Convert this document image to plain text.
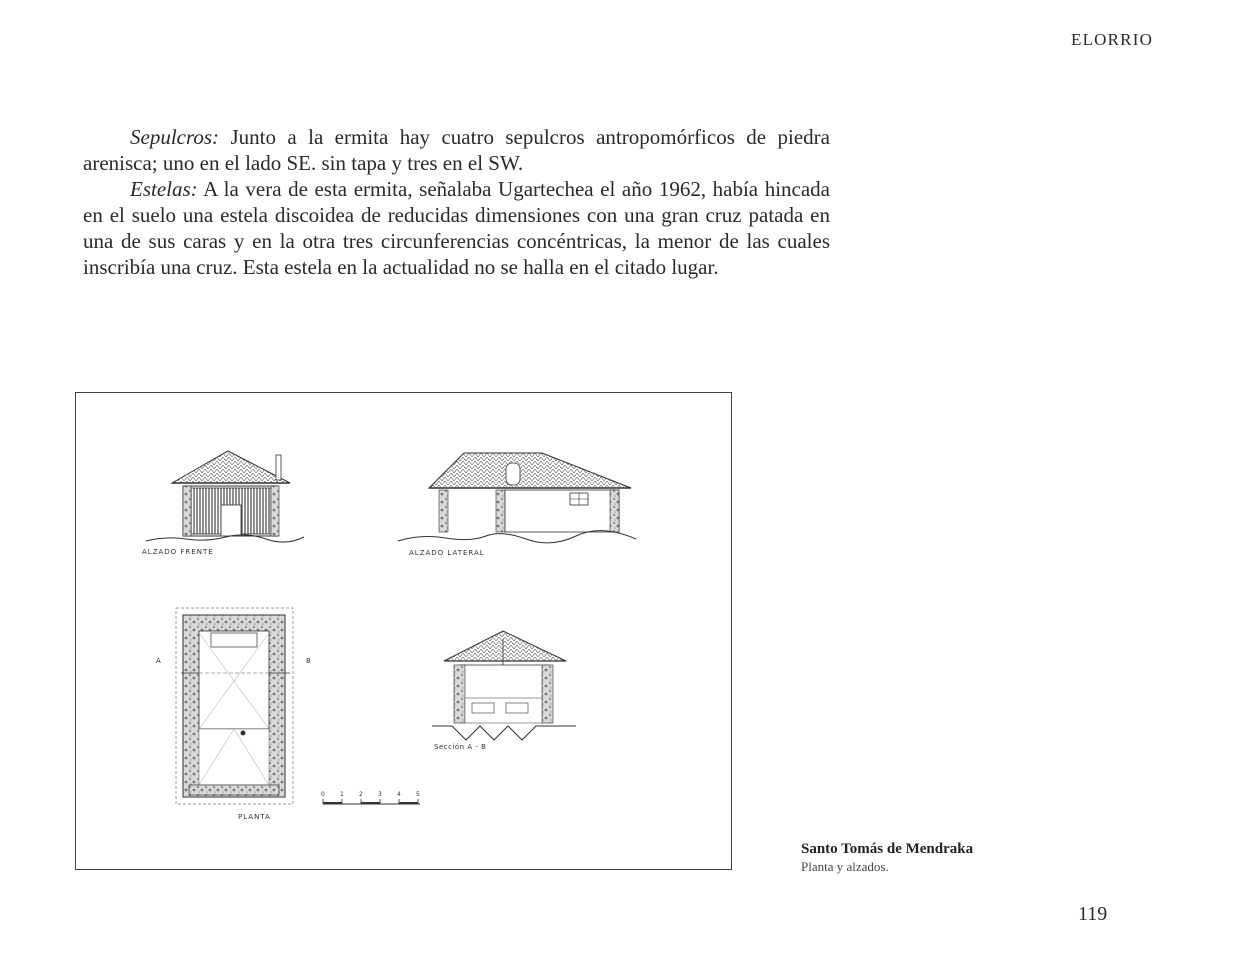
ELORRIO

Sepulcros: Junto a la ermita hay cuatro sepulcros antropomórficos de piedra arenisca; uno en el lado SE. sin tapa y tres en el SW.

Estelas: A la vera de esta ermita, señalaba Ugartechea el año 1962, había hincada en el suelo una estela discoidea de reducidas dimensiones con una gran cruz patada en una de sus caras y en la otra tres circunferencias concéntricas, la menor de las cuales inscribía una cruz. Esta estela en la actualidad no se halla en el citado lugar.

ALZADO FRENTE	ALZADO LATERAL
PLANTA
Sección A - B
A	B
0 1 2 3 4 5
Santo Tomás de Mendraka
Planta y alzados.
119
